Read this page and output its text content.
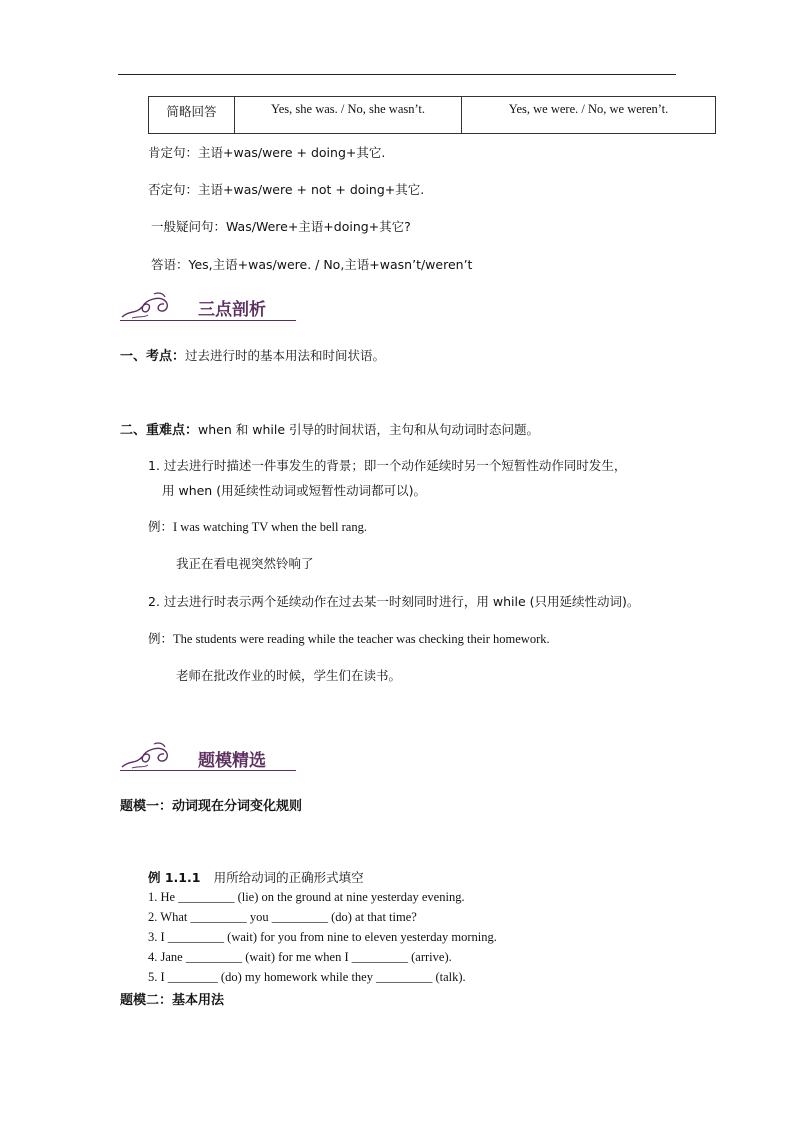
简略回答	Yes, she was. / No, she wasn’t.	Yes, we were. / No, we weren’t.
肯定句：主语+was/were + doing+其它.
否定句：主语+was/were + not + doing+其它.
一般疑问句：Was/Were+主语+doing+其它?
答语：Yes,主语+was/were. / No,主语+wasn’t/weren’t
三点剖析
一、考点：过去进行时的基本用法和时间状语。
二、重难点：when 和 while 引导的时间状语，主句和从句动词时态问题。
1. 过去进行时描述一件事发生的背景；即一个动作延续时另一个短暂性动作同时发生，
用 when (用延续性动词或短暂性动词都可以)。
例：I was watching TV when the bell rang.
我正在看电视突然铃响了
2. 过去进行时表示两个延续动作在过去某一时刻同时进行，用 while (只用延续性动词)。
例：The students were reading while the teacher was checking their homework.
老师在批改作业的时候，学生们在读书。
题模精选
题模一：动词现在分词变化规则
例 1.1.1 用所给动词的正确形式填空
1. He _________ (lie) on the ground at nine yesterday evening.
2. What _________ you _________ (do) at that time?
3. I _________ (wait) for you from nine to eleven yesterday morning.
4. Jane _________ (wait) for me when I _________ (arrive).
5. I ________ (do) my homework while they _________ (talk).
题模二：基本用法
